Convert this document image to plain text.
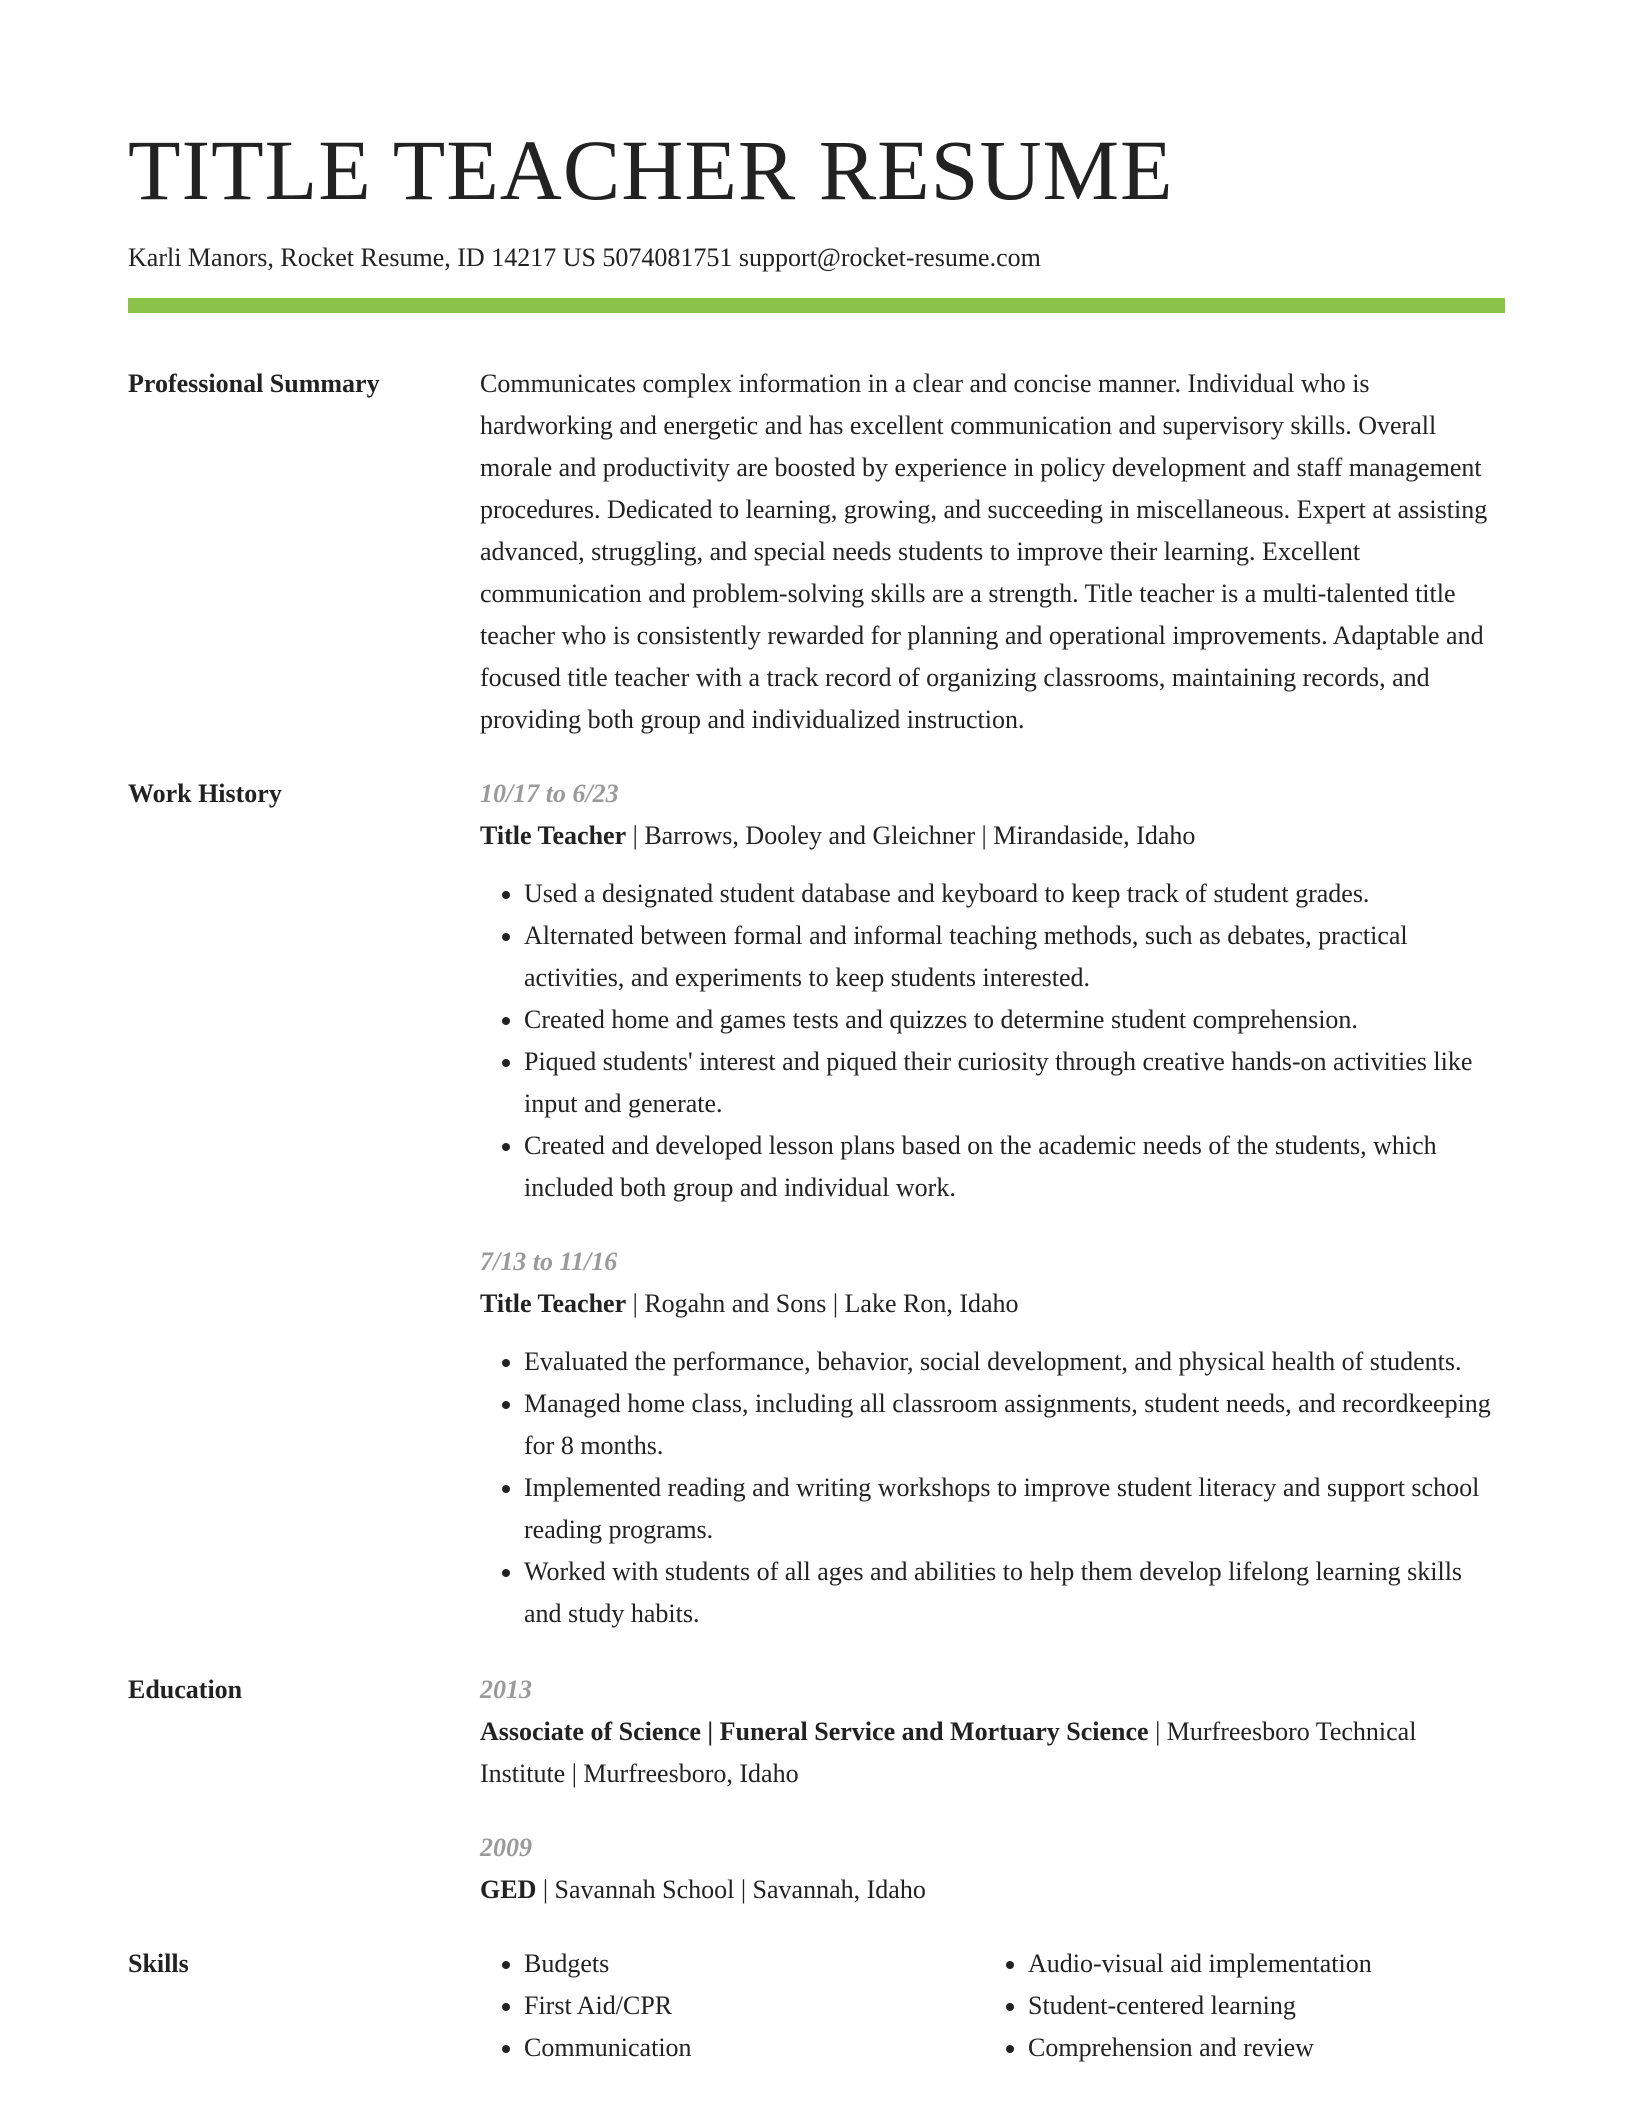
TITLE TEACHER RESUME
Karli Manors, Rocket Resume, ID 14217 US 5074081751 support@rocket-resume.com
Professional Summary	Communicates complex information in a clear and concise manner. Individual who is hardworking and energetic and has excellent communication and supervisory skills. Overall morale and productivity are boosted by experience in policy development and staff management procedures. Dedicated to learning, growing, and succeeding in miscellaneous. Expert at assisting advanced, struggling, and special needs students to improve their learning. Excellent communication and problem-solving skills are a strength. Title teacher is a multi-talented title teacher who is consistently rewarded for planning and operational improvements. Adaptable and focused title teacher with a track record of organizing classrooms, maintaining records, and providing both group and individualized instruction.
Work History	10/17 to 6/23
Title Teacher | Barrows, Dooley and Gleichner | Mirandaside, Idaho
• Used a designated student database and keyboard to keep track of student grades.
• Alternated between formal and informal teaching methods, such as debates, practical activities, and experiments to keep students interested.
• Created home and games tests and quizzes to determine student comprehension.
• Piqued students' interest and piqued their curiosity through creative hands-on activities like input and generate.
• Created and developed lesson plans based on the academic needs of the students, which included both group and individual work.
7/13 to 11/16
Title Teacher | Rogahn and Sons | Lake Ron, Idaho
• Evaluated the performance, behavior, social development, and physical health of students.
• Managed home class, including all classroom assignments, student needs, and recordkeeping for 8 months.
• Implemented reading and writing workshops to improve student literacy and support school reading programs.
• Worked with students of all ages and abilities to help them develop lifelong learning skills and study habits.
Education	2013
Associate of Science | Funeral Service and Mortuary Science | Murfreesboro Technical Institute | Murfreesboro, Idaho
2009
GED | Savannah School | Savannah, Idaho
Skills
•	Budgets
• First Aid/CPR
• Communication
• Audio-visual aid implementation
• Student-centered learning
• Comprehension and review
